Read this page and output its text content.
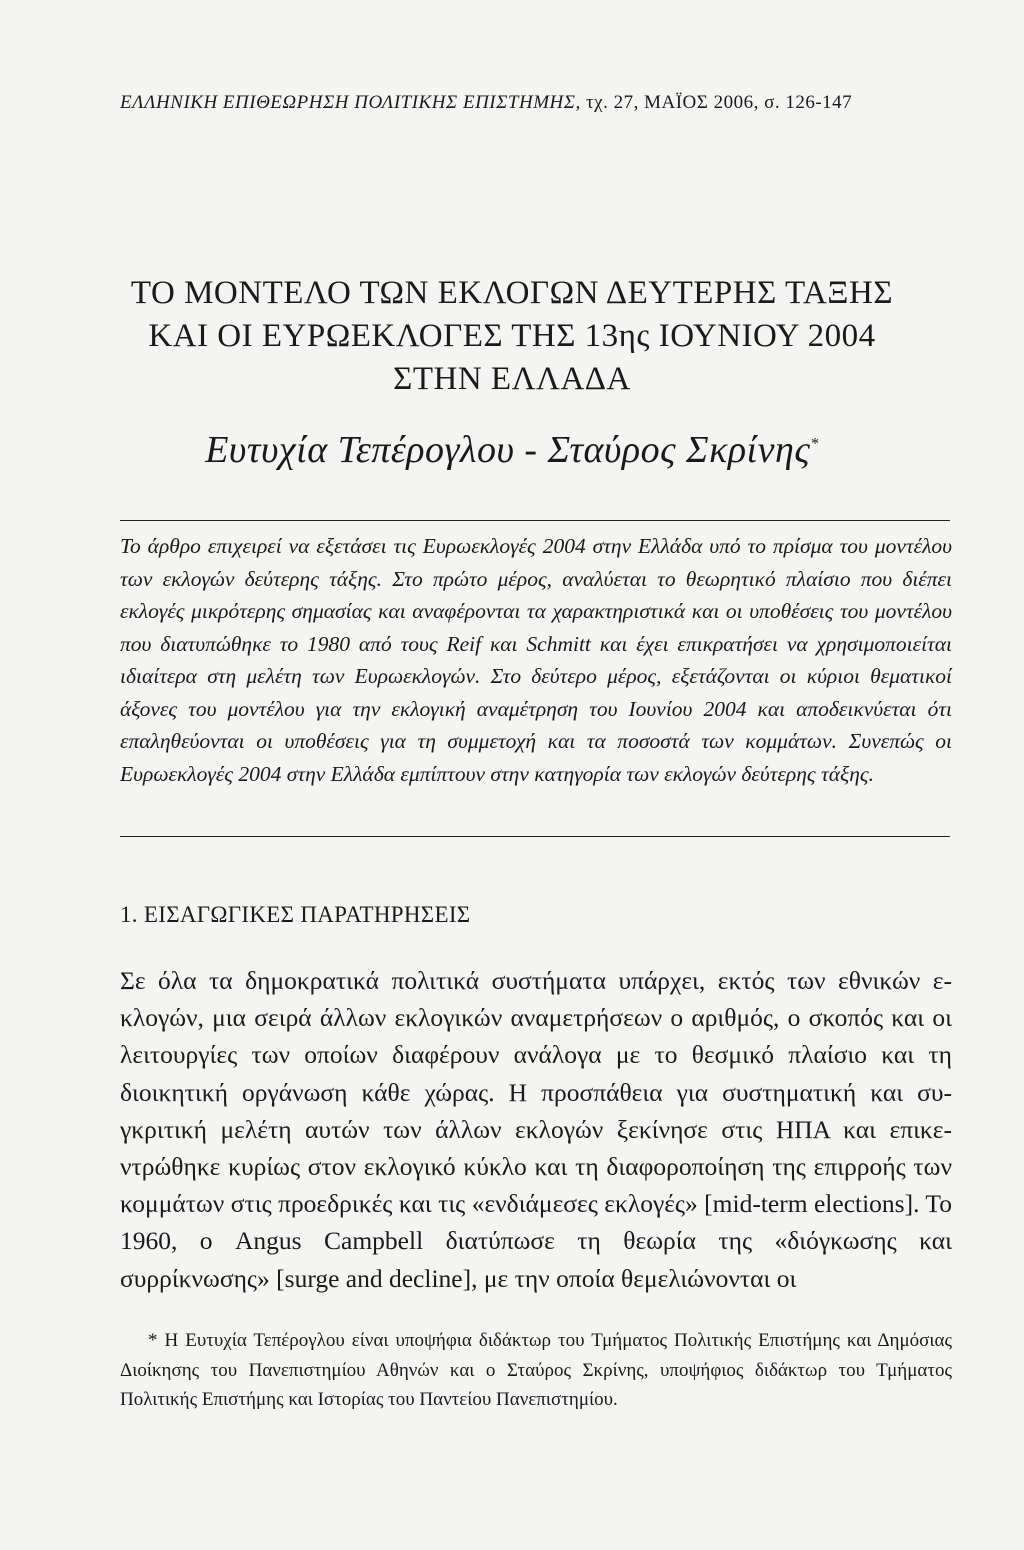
ΕΛΛΗΝΙΚΗ ΕΠΙΘΕΩΡΗΣΗ ΠΟΛΙΤΙΚΗΣ ΕΠΙΣΤΗΜΗΣ, τχ. 27, ΜΑΪΟΣ 2006, σ. 126-147
ΤΟ ΜΟΝΤΕΛΟ ΤΩΝ ΕΚΛΟΓΩΝ ΔΕΥΤΕΡΗΣ ΤΑΞΗΣ
ΚΑΙ ΟΙ ΕΥΡΩΕΚΛΟΓΕΣ ΤΗΣ 13ης ΙΟΥΝΙΟΥ 2004
ΣΤΗΝ ΕΛΛΑΔΑ
Ευτυχία Τεπέρογλου - Σταύρος Σκρίνης*
Το άρθρο επιχειρεί να εξετάσει τις Ευρωεκλογές 2004 στην Ελλάδα υπό το πρίσμα του μοντέλου των εκλογών δεύτερης τάξης. Στο πρώτο μέρος, αναλύεται το θεωρητικό πλαίσιο που διέπει εκλογές μικρότερης σημασίας και αναφέρονται τα χαρακτηριστικά και οι υποθέσεις του μοντέλου που διατυπώθηκε το 1980 από τους Reif και Schmitt και έχει επικρατήσει να χρησιμοποιείται ιδιαίτερα στη μελέτη των Ευρωεκλογών. Στο δεύτερο μέρος, εξετάζονται οι κύριοι θεματικοί άξονες του μοντέλου για την εκλογική αναμέτρηση του Ιουνίου 2004 και αποδεικνύεται ότι επαληθεύονται οι υποθέσεις για τη συμμετοχή και τα ποσοστά των κομμάτων. Συνεπώς οι Ευρωεκλογές 2004 στην Ελλάδα εμπίπτουν στην κατηγορία των εκλογών δεύτερης τάξης.
1. ΕΙΣΑΓΩΓΙΚΕΣ ΠΑΡΑΤΗΡΗΣΕΙΣ
Σε όλα τα δημοκρατικά πολιτικά συστήματα υπάρχει, εκτός των εθνικών εκλογών, μια σειρά άλλων εκλογικών αναμετρήσεων ο αριθμός, ο σκοπός και οι λειτουργίες των οποίων διαφέρουν ανάλογα με το θεσμικό πλαίσιο και τη διοικητική οργάνωση κάθε χώρας. Η προσπάθεια για συστηματική και συγκριτική μελέτη αυτών των άλλων εκλογών ξεκίνησε στις ΗΠΑ και επικεντρώθηκε κυρίως στον εκλογικό κύκλο και τη διαφοροποίηση της επιρροής των κομμάτων στις προεδρικές και τις «ενδιάμεσες εκλογές» [mid-term elections]. Το 1960, ο Angus Campbell διατύπωσε τη θεωρία της «διόγκωσης και συρρίκνωσης» [surge and decline], με την οποία θεμελιώνονται οι
* Η Ευτυχία Τεπέρογλου είναι υποψήφια διδάκτωρ του Τμήματος Πολιτικής Επιστήμης και Δημόσιας Διοίκησης του Πανεπιστημίου Αθηνών και ο Σταύρος Σκρίνης, υποψήφιος διδάκτωρ του Τμήματος Πολιτικής Επιστήμης και Ιστορίας του Παντείου Πανεπιστημίου.
